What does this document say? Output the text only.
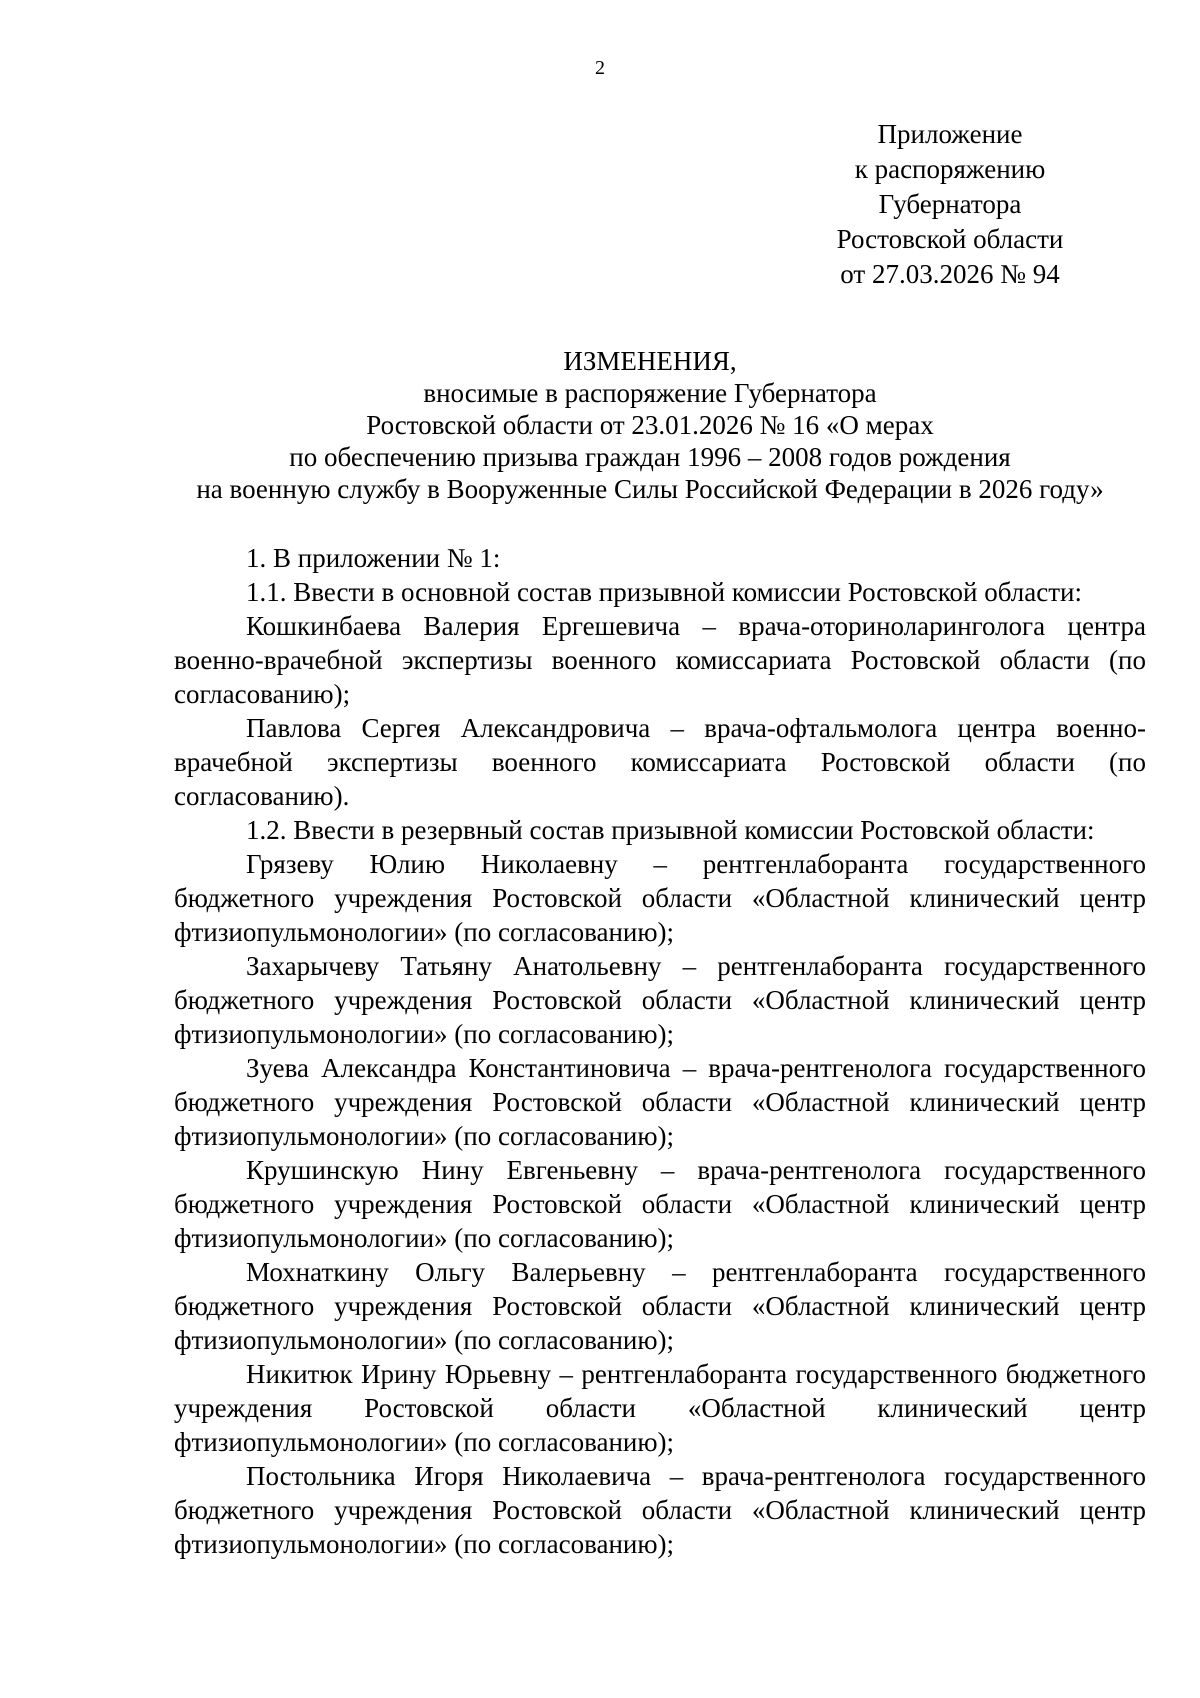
2
Приложение
к распоряжению
Губернатора
Ростовской области
от 27.03.2026 № 94
ИЗМЕНЕНИЯ,
вносимые в распоряжение Губернатора
Ростовской области от 23.01.2026 № 16 «О мерах
по обеспечению призыва граждан 1996 – 2008 годов рождения
на военную службу в Вооруженные Силы Российской Федерации в 2026 году»

1. В приложении № 1:

1.1. Ввести в основной состав призывной комиссии Ростовской области:

Кошкинбаева Валерия Ергешевича – врача-оториноларинголога центра военно-врачебной экспертизы военного комиссариата Ростовской области (по согласованию);

Павлова Сергея Александровича – врача-офтальмолога центра военно-врачебной экспертизы военного комиссариата Ростовской области (по согласованию).

1.2. Ввести в резервный состав призывной комиссии Ростовской области:

Грязеву Юлию Николаевну – рентгенлаборанта государственного бюджетного учреждения Ростовской области «Областной клинический центр фтизиопульмонологии» (по согласованию);

Захарычеву Татьяну Анатольевну – рентгенлаборанта государственного бюджетного учреждения Ростовской области «Областной клинический центр фтизиопульмонологии» (по согласованию);

Зуева Александра Константиновича – врача-рентгенолога государственного бюджетного учреждения Ростовской области «Областной клинический центр фтизиопульмонологии» (по согласованию);

Крушинскую Нину Евгеньевну – врача-рентгенолога государственного бюджетного учреждения Ростовской области «Областной клинический центр фтизиопульмонологии» (по согласованию);

Мохнаткину Ольгу Валерьевну – рентгенлаборанта государственного бюджетного учреждения Ростовской области «Областной клинический центр фтизиопульмонологии» (по согласованию);

Никитюк Ирину Юрьевну – рентгенлаборанта государственного бюджетного учреждения Ростовской области «Областной клинический центр фтизиопульмонологии» (по согласованию);

Постольника Игоря Николаевича – врача-рентгенолога государственного бюджетного учреждения Ростовской области «Областной клинический центр фтизиопульмонологии» (по согласованию);
